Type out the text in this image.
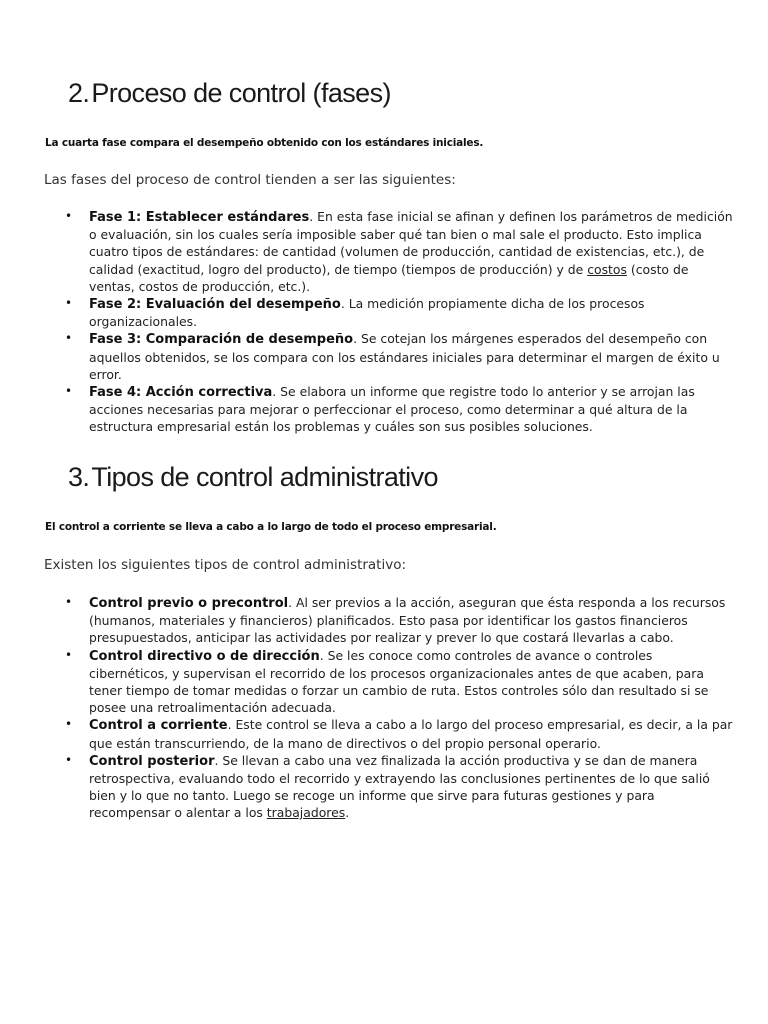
2.Proceso de control (fases)

La cuarta fase compara el desempeño obtenido con los estándares iniciales.

Las fases del proceso de control tienden a ser las siguientes:

• Fase 1: Establecer estándares. En esta fase inicial se afinan y definen los parámetros de medición o evaluación, sin los cuales sería imposible saber qué tan bien o mal sale el producto. Esto implica cuatro tipos de estándares: de cantidad (volumen de producción, cantidad de existencias, etc.), de calidad (exactitud, logro del producto), de tiempo (tiempos de producción) y de costos (costo de ventas, costos de producción, etc.).
• Fase 2: Evaluación del desempeño. La medición propiamente dicha de los procesos organizacionales.
• Fase 3: Comparación de desempeño. Se cotejan los márgenes esperados del desempeño con aquellos obtenidos, se los compara con los estándares iniciales para determinar el margen de éxito u error.
• Fase 4: Acción correctiva. Se elabora un informe que registre todo lo anterior y se arrojan las acciones necesarias para mejorar o perfeccionar el proceso, como determinar a qué altura de la estructura empresarial están los problemas y cuáles son sus posibles soluciones.
3.Tipos de control administrativo

El control a corriente se lleva a cabo a lo largo de todo el proceso empresarial.

Existen los siguientes tipos de control administrativo:

• Control previo o precontrol. Al ser previos a la acción, aseguran que ésta responda a los recursos (humanos, materiales y financieros) planificados. Esto pasa por identificar los gastos financieros presupuestados, anticipar las actividades por realizar y prever lo que costará llevarlas a cabo.
• Control directivo o de dirección. Se les conoce como controles de avance o controles cibernéticos, y supervisan el recorrido de los procesos organizacionales antes de que acaben, para tener tiempo de tomar medidas o forzar un cambio de ruta. Estos controles sólo dan resultado si se posee una retroalimentación adecuada.
• Control a corriente. Este control se lleva a cabo a lo largo del proceso empresarial, es decir, a la par que están transcurriendo, de la mano de directivos o del propio personal operario.
• Control posterior. Se llevan a cabo una vez finalizada la acción productiva y se dan de manera retrospectiva, evaluando todo el recorrido y extrayendo las conclusiones pertinentes de lo que salió bien y lo que no tanto. Luego se recoge un informe que sirve para futuras gestiones y para recompensar o alentar a los trabajadores.
